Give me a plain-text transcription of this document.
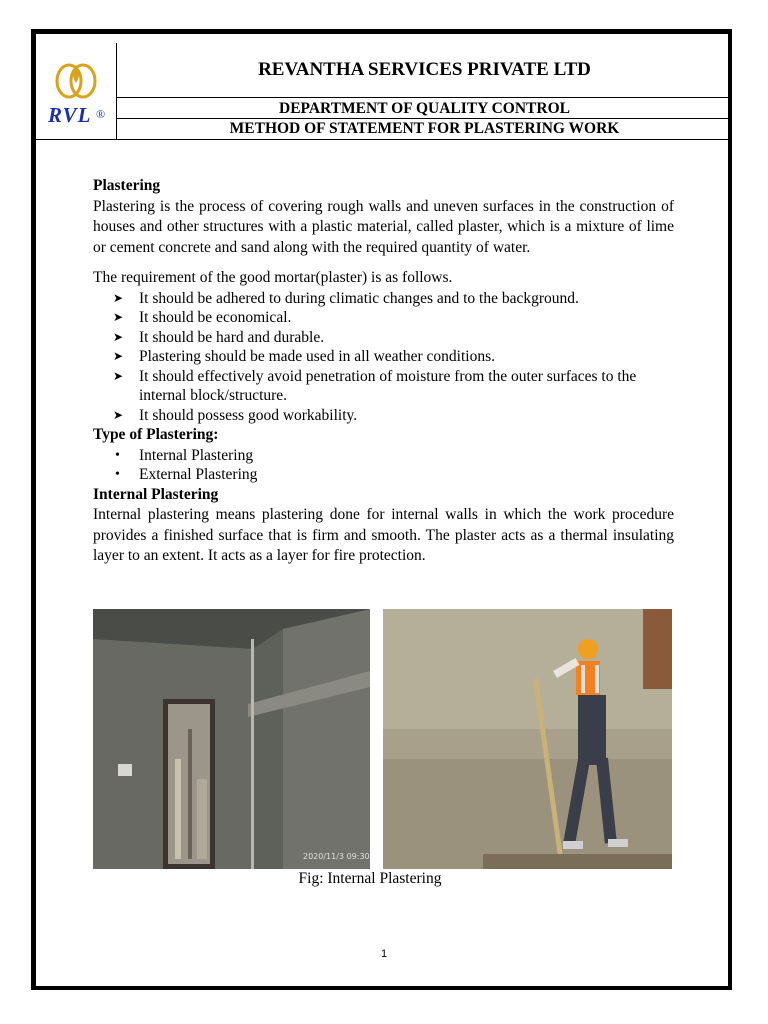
RVL ®
REVANTHA SERVICES PRIVATE LTD
DEPARTMENT OF QUALITY CONTROL
METHOD OF STATEMENT FOR PLASTERING WORK

Plastering

Plastering is the process of covering rough walls and uneven surfaces in the construction of houses and other structures with a plastic material, called plaster, which is a mixture of lime or cement concrete and sand along with the required quantity of water.

The requirement of the good mortar(plaster) is as follows.

➤ It should be adhered to during climatic changes and to the background.
➤ It should be economical.
➤ It should be hard and durable.
➤ Plastering should be made used in all weather conditions.
➤ It should effectively avoid penetration of moisture from the outer surfaces to the internal block/structure.
➤ It should possess good workability.

Type of Plastering:

• Internal Plastering
• External Plastering

Internal Plastering

Internal plastering means plastering done for internal walls in which the work procedure provides a finished surface that is firm and smooth. The plaster acts as a thermal insulating layer to an extent. It acts as a layer for fire protection.

2020/11/3 09:30
Fig: Internal Plastering
1
